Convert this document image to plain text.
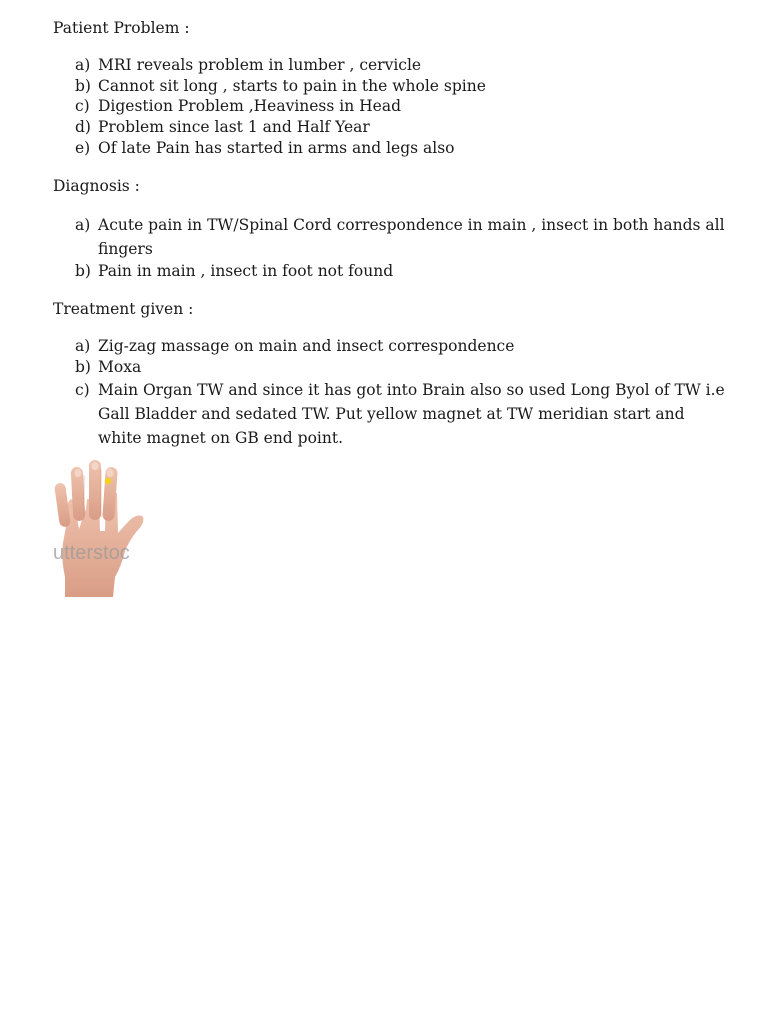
Patient Problem :

a) MRI reveals problem in lumber , cervicle
b) Cannot sit long , starts to pain in the whole spine
c) Digestion Problem ,Heaviness in Head
d) Problem since last 1 and Half Year
e) Of late Pain has started in arms and legs also

Diagnosis :

a) Acute pain in TW/Spinal Cord correspondence in main , insect in both hands all fingers
b) Pain in main , insect in foot not found

Treatment given :

a) Zig-zag massage on main and insect correspondence
b) Moxa
c) Main Organ TW and since it has got into Brain also so used Long Byol of TW i.e Gall Bladder and sedated TW. Put yellow magnet at TW meridian start and white magnet on GB end point.
utterstoc
